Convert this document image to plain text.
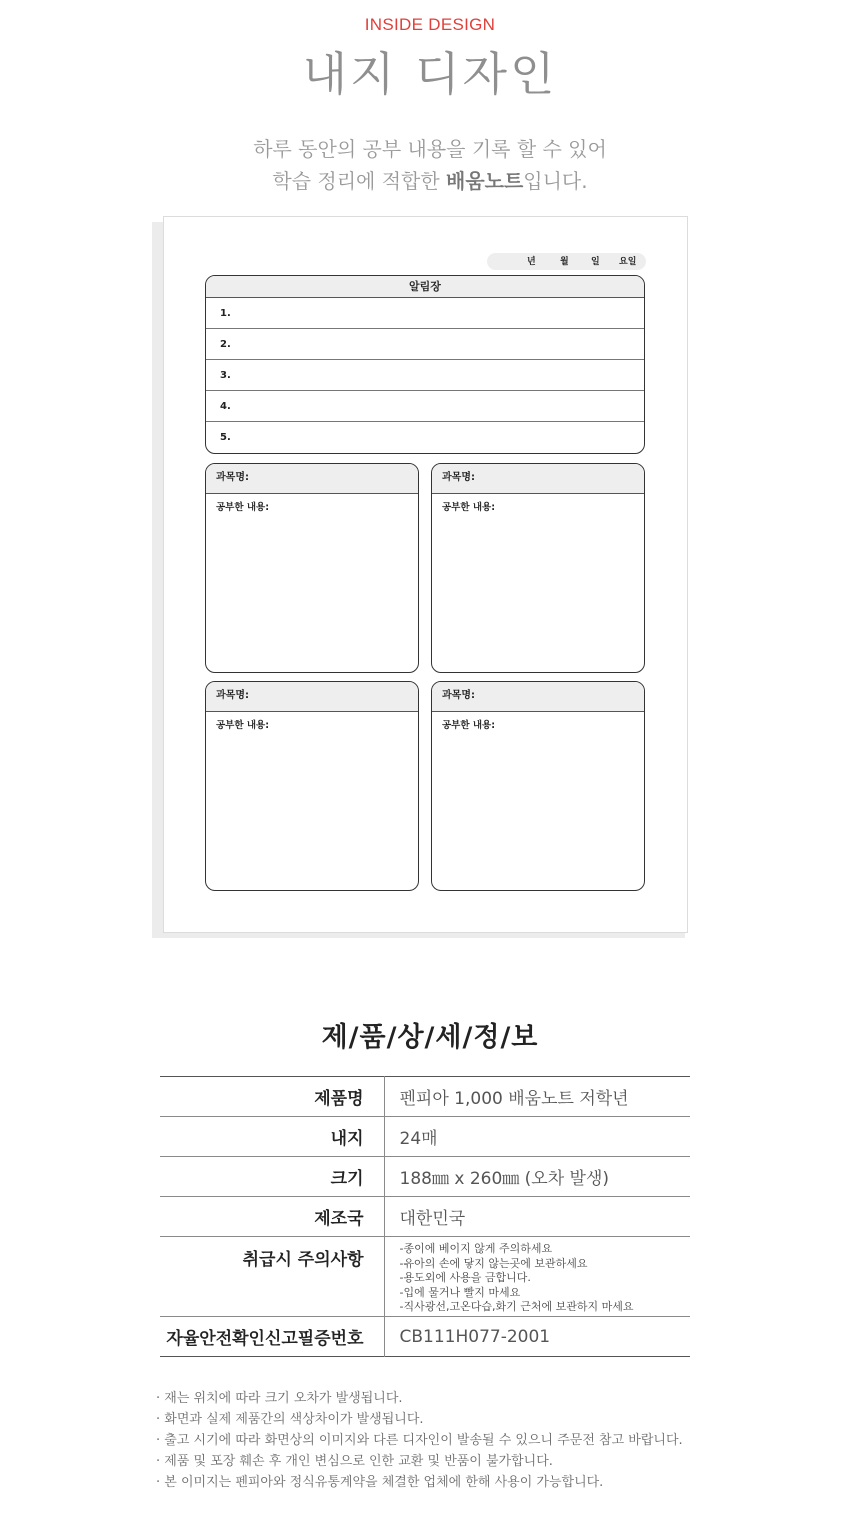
INSIDE DESIGN
내지 디자인
하루 동안의 공부 내용을 기록 할 수 있어
학습 정리에 적합한 배움노트입니다.
년	월 일 요일
알림장
1.
2.
3.
4.
5.
과목명:
공부한 내용:
과목명:
공부한 내용:
과목명:
공부한 내용:
과목명:
공부한 내용:
제/품/상/세/정/보
제품명	펜피아 1,000 배움노트 저학년
내지	24매
크기	188㎜ x 260㎜ (오차 발생)
제조국	대한민국
취급시 주의사항	-종이에 베이지 않게 주의하세요
-유아의 손에 닿지 않는곳에 보관하세요
-용도외에 사용을 금합니다.
-입에 물거나 빨지 마세요
-직사광선,고온다습,화기 근처에 보관하지 마세요

자율안전확인신고필증번호	CB111H077-2001
· 재는 위치에 따라 크기 오차가 발생됩니다.
· 화면과 실제 제품간의 색상차이가 발생됩니다.
· 출고 시기에 따라 화면상의 이미지와 다른 디자인이 발송될 수 있으니 주문전 참고 바랍니다.
· 제품 및 포장 훼손 후 개인 변심으로 인한 교환 및 반품이 불가합니다.
· 본 이미지는 펜피아와 정식유통계약을 체결한 업체에 한해 사용이 가능합니다.
